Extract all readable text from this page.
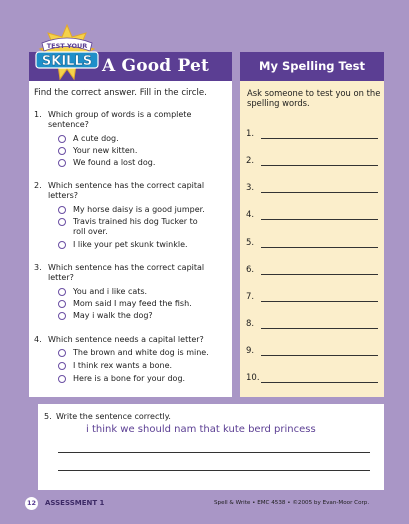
A Good Pet
TEST YOUR
SKILLS
Find the correct answer. Fill in the circle.
1. Which group of words is a complete sentence?
A cute dog.
Your new kitten.
We found a lost dog.
2. Which sentence has the correct capital letters?
My horse daisy is a good jumper.
Travis trained his dog Tucker to roll over.
I like your pet skunk twinkle.
3. Which sentence has the correct capital letter?
You and i like cats.
Mom said I may feed the fish.
May i walk the dog?
4. Which sentence needs a capital letter?
The brown and white dog is mine.
I think rex wants a bone.
Here is a bone for your dog.
My Spelling Test
Ask someone to test you on the spelling words.
1.
2.
3.
4.
5.
6.
7.
8.
9.
10.
5. Write the sentence correctly.
i think we should nam that kute berd princess
12 ASSESSMENT 1	Spell & Write • EMC 4538 • ©2005 by Evan-Moor Corp.
